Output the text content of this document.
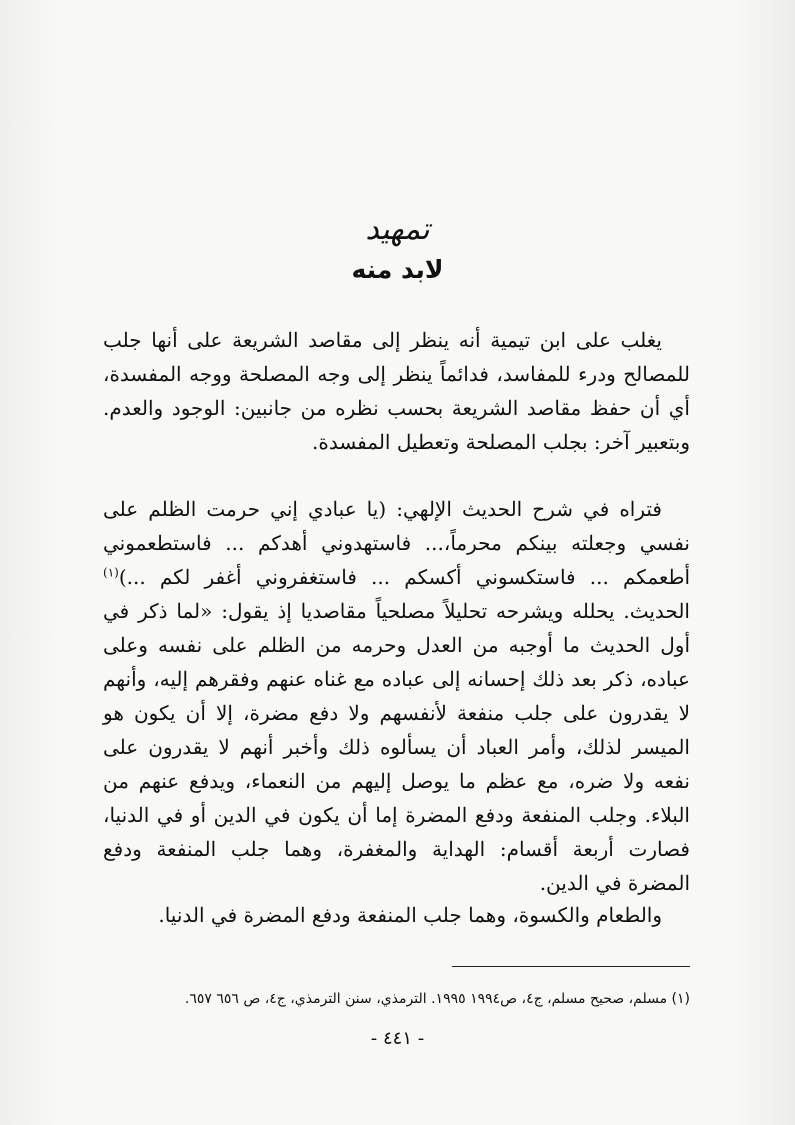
تمهيد
لابد منه

يغلب على ابن تيمية أنه ينظر إلى مقاصد الشريعة على أنها جلب للمصالح ودرء للمفاسد، فدائماً ينظر إلى وجه المصلحة ووجه المفسدة، أي أن حفظ مقاصد الشريعة بحسب نظره من جانبين: الوجود والعدم. وبتعبير آخر: بجلب المصلحة وتعطيل المفسدة.

فتراه في شرح الحديث الإلهي: (يا عبادي إني حرمت الظلم على نفسي وجعلته بينكم محرماً،... فاستهدوني أهدكم ... فاستطعموني أطعمكم ... فاستكسوني أكسكم ... فاستغفروني أغفر لكم ...)$^{(١)}$ الحديث. يحلله ويشرحه تحليلاً مصلحياً مقاصديا إذ يقول: «لما ذكر في أول الحديث ما أوجبه من العدل وحرمه من الظلم على نفسه وعلى عباده، ذكر بعد ذلك إحسانه إلى عباده مع غناه عنهم وفقرهم إليه، وأنهم لا يقدرون على جلب منفعة لأنفسهم ولا دفع مضرة، إلا أن يكون هو الميسر لذلك، وأمر العباد أن يسألوه ذلك وأخبر أنهم لا يقدرون على نفعه ولا ضره، مع عظم ما يوصل إليهم من النعماء، ويدفع عنهم من البلاء. وجلب المنفعة ودفع المضرة إما أن يكون في الدين أو في الدنيا، فصارت أربعة أقسام: الهداية والمغفرة، وهما جلب المنفعة ودفع المضرة في الدين.

والطعام والكسوة، وهما جلب المنفعة ودفع المضرة في الدنيا.
(١) مسلم، صحيح مسلم، ج٤، ص١٩٩٤ ١٩٩٥. الترمذي، سنن الترمذي، ج٤، ص ٦٥٦ ٦٥٧.
- ٤٤١ -
